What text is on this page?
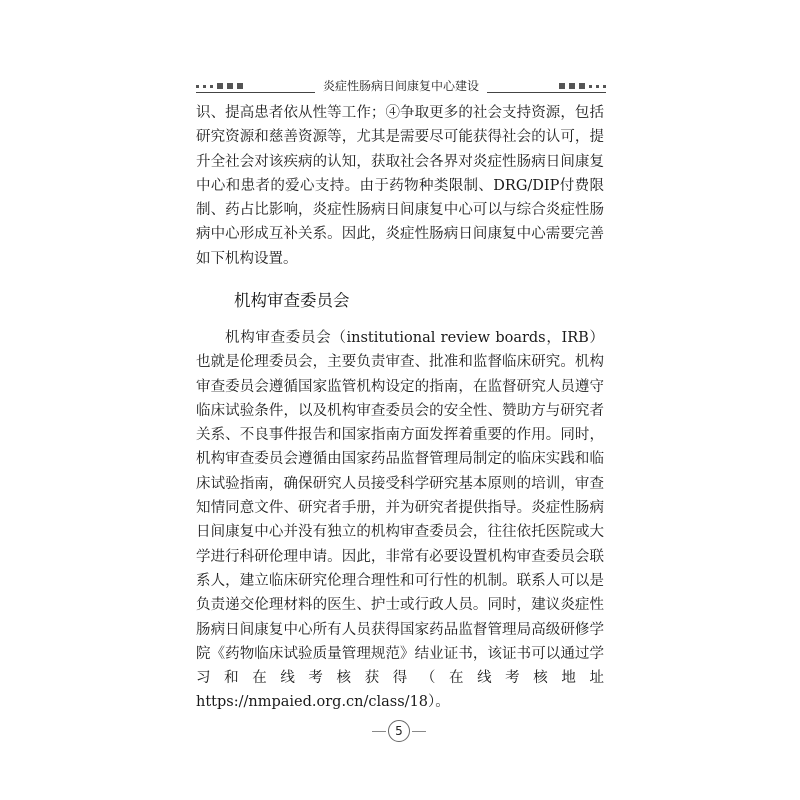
炎症性肠病日间康复中心建设

识、提高患者依从性等工作；④争取更多的社会支持资源，包括研究资源和慈善资源等，尤其是需要尽可能获得社会的认可，提升全社会对该疾病的认知，获取社会各界对炎症性肠病日间康复中心和患者的爱心支持。由于药物种类限制、DRG/DIP付费限制、药占比影响，炎症性肠病日间康复中心可以与综合炎症性肠病中心形成互补关系。因此，炎症性肠病日间康复中心需要完善如下机构设置。

机构审查委员会

机构审查委员会（institutional review boards，IRB）也就是伦理委员会，主要负责审查、批准和监督临床研究。机构审查委员会遵循国家监管机构设定的指南，在监督研究人员遵守临床试验条件，以及机构审查委员会的安全性、赞助方与研究者关系、不良事件报告和国家指南方面发挥着重要的作用。同时，机构审查委员会遵循由国家药品监督管理局制定的临床实践和临床试验指南，确保研究人员接受科学研究基本原则的培训，审查知情同意文件、研究者手册，并为研究者提供指导。炎症性肠病日间康复中心并没有独立的机构审查委员会，往往依托医院或大学进行科研伦理申请。因此，非常有必要设置机构审查委员会联系人，建立临床研究伦理合理性和可行性的机制。联系人可以是负责递交伦理材料的医生、护士或行政人员。同时，建议炎症性肠病日间康复中心所有人员获得国家药品监督管理局高级研修学院《药物临床试验质量管理规范》结业证书，该证书可以通过学习和在线考核获得（在线考核地址 https://nmpaied.org.cn/class/18）。

5
